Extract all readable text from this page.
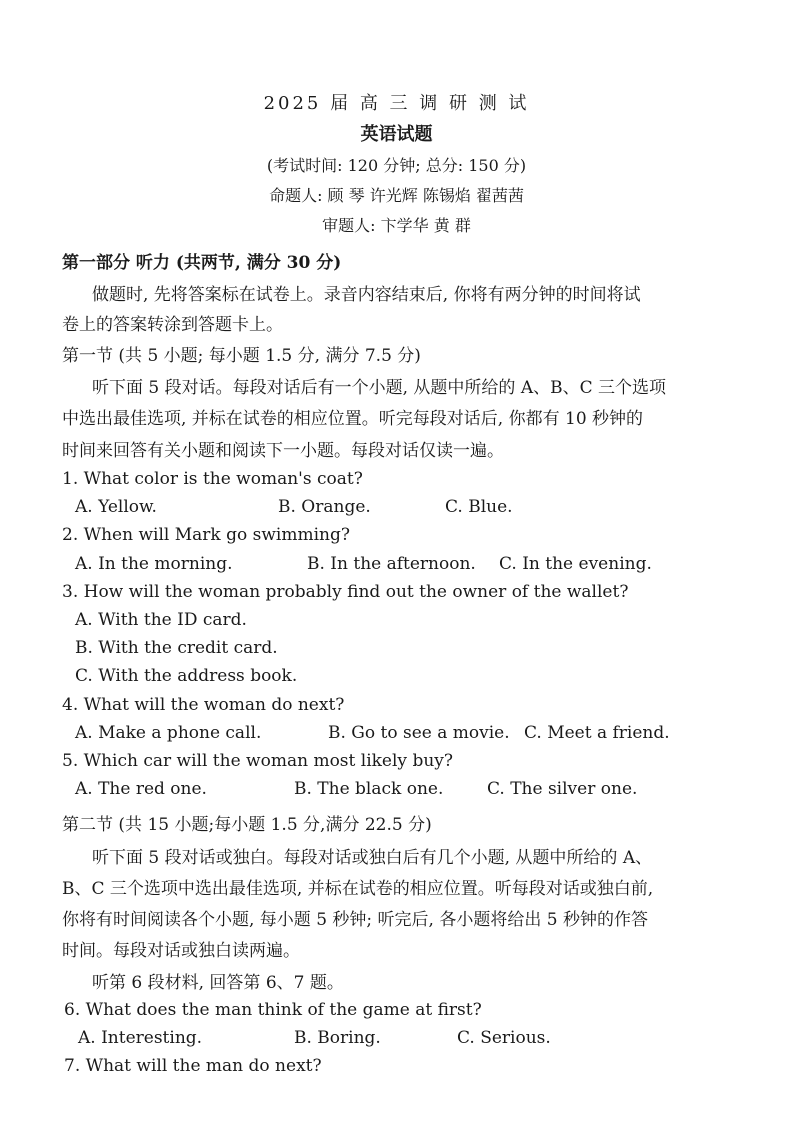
2025 届 高 三 调 研 测 试
英语试题
(考试时间: 120 分钟; 总分: 150 分)
命题人: 顾 琴 许光辉 陈锡焰 翟茜茜
审题人: 卞学华 黄 群
第一部分 听力 (共两节, 满分 30 分)
做题时, 先将答案标在试卷上。录音内容结束后, 你将有两分钟的时间将试
卷上的答案转涂到答题卡上。
第一节 (共 5 小题; 每小题 1.5 分, 满分 7.5 分)
听下面 5 段对话。每段对话后有一个小题, 从题中所给的 A、B、C 三个选项
中选出最佳选项, 并标在试卷的相应位置。听完每段对话后, 你都有 10 秒钟的
时间来回答有关小题和阅读下一小题。每段对话仅读一遍。
1. What color is the woman's coat?
A. Yellow.	B. Orange.	C. Blue.
2. When will Mark go swimming?
A. In the morning.	B. In the afternoon. C. In the evening.
3. How will the woman probably find out the owner of the wallet?
A. With the ID card.
B. With the credit card.
C. With the address book.
4. What will the woman do next?
A. Make a phone call.	B. Go to see a movie. C. Meet a friend.
5. Which car will the woman most likely buy?
A. The red one.	B. The black one.	C. The silver one.
第二节 (共 15 小题;每小题 1.5 分,满分 22.5 分)
听下面 5 段对话或独白。每段对话或独白后有几个小题, 从题中所给的 A、
B、C 三个选项中选出最佳选项, 并标在试卷的相应位置。听每段对话或独白前,
你将有时间阅读各个小题, 每小题 5 秒钟; 听完后, 各小题将给出 5 秒钟的作答
时间。每段对话或独白读两遍。
听第 6 段材料, 回答第 6、7 题。
6. What does the man think of the game at first?
A. Interesting.	B. Boring.	C. Serious.
7. What will the man do next?
